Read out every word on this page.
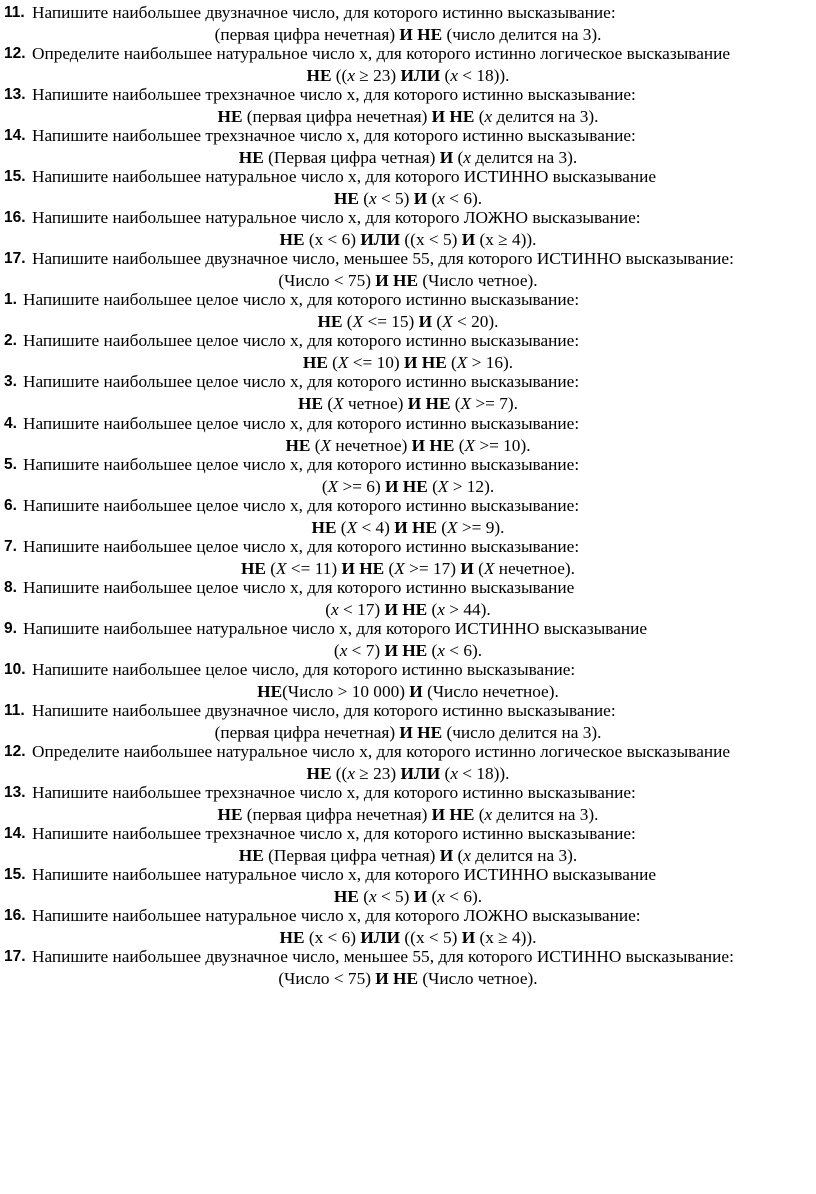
11. Напишите наибольшее двузначное число, для которого истинно высказывание:
(первая цифра нечетная) И НЕ (число делится на 3).
12. Определите наибольшее натуральное число x, для которого истинно логическое высказывание
НЕ ((x ≥ 23) ИЛИ (x < 18)).
13. Напишите наибольшее трехзначное число x, для которого истинно высказывание:
НЕ (первая цифра нечетная) И НЕ (x делится на 3).
14. Напишите наибольшее трехзначное число x, для которого истинно высказывание:
НЕ (Первая цифра четная) И (x делится на 3).
15. Напишите наибольшее натуральное число x, для которого ИСТИННО высказывание
НЕ (x < 5) И (x < 6).
16. Напишите наибольшее натуральное число x, для которого ЛОЖНО высказывание:
НЕ (x < 6) ИЛИ ((x < 5) И (x ≥ 4)).
17. Напишите наибольшее двузначное число, меньшее 55, для которого ИСТИННО высказывание:
(Число < 75) И НЕ (Число четное).
1. Напишите наибольшее целое число x, для которого истинно высказывание:
НЕ (X <= 15) И (X < 20).
2. Напишите наибольшее целое число x, для которого истинно высказывание:
НЕ (X <= 10) И НЕ (X > 16).
3. Напишите наибольшее целое число x, для которого истинно высказывание:
НЕ (X четное) И НЕ (X >= 7).
4. Напишите наибольшее целое число x, для которого истинно высказывание:
НЕ (X нечетное) И НЕ (X >= 10).
5. Напишите наибольшее целое число x, для которого истинно высказывание:
(X >= 6) И НЕ (X > 12).
6. Напишите наибольшее целое число x, для которого истинно высказывание:
НЕ (X < 4) И НЕ (X >= 9).
7. Напишите наибольшее целое число x, для которого истинно высказывание:
НЕ (X <= 11) И НЕ (X >= 17) И (X нечетное).
8. Напишите наибольшее целое число x, для которого истинно высказывание
(x < 17) И НЕ (x > 44).
9. Напишите наибольшее натуральное число x, для которого ИСТИННО высказывание
(x < 7) И НЕ (x < 6).
10. Напишите наибольшее целое число, для которого истинно высказывание:
НЕ(Число > 10 000) И (Число нечетное).
11. Напишите наибольшее двузначное число, для которого истинно высказывание:
(первая цифра нечетная) И НЕ (число делится на 3).
12. Определите наибольшее натуральное число x, для которого истинно логическое высказывание
НЕ ((x ≥ 23) ИЛИ (x < 18)).
13. Напишите наибольшее трехзначное число x, для которого истинно высказывание:
НЕ (первая цифра нечетная) И НЕ (x делится на 3).
14. Напишите наибольшее трехзначное число x, для которого истинно высказывание:
НЕ (Первая цифра четная) И (x делится на 3).
15. Напишите наибольшее натуральное число x, для которого ИСТИННО высказывание
НЕ (x < 5) И (x < 6).
16. Напишите наибольшее натуральное число x, для которого ЛОЖНО высказывание:
НЕ (x < 6) ИЛИ ((x < 5) И (x ≥ 4)).
17. Напишите наибольшее двузначное число, меньшее 55, для которого ИСТИННО высказывание:
(Число < 75) И НЕ (Число четное).
